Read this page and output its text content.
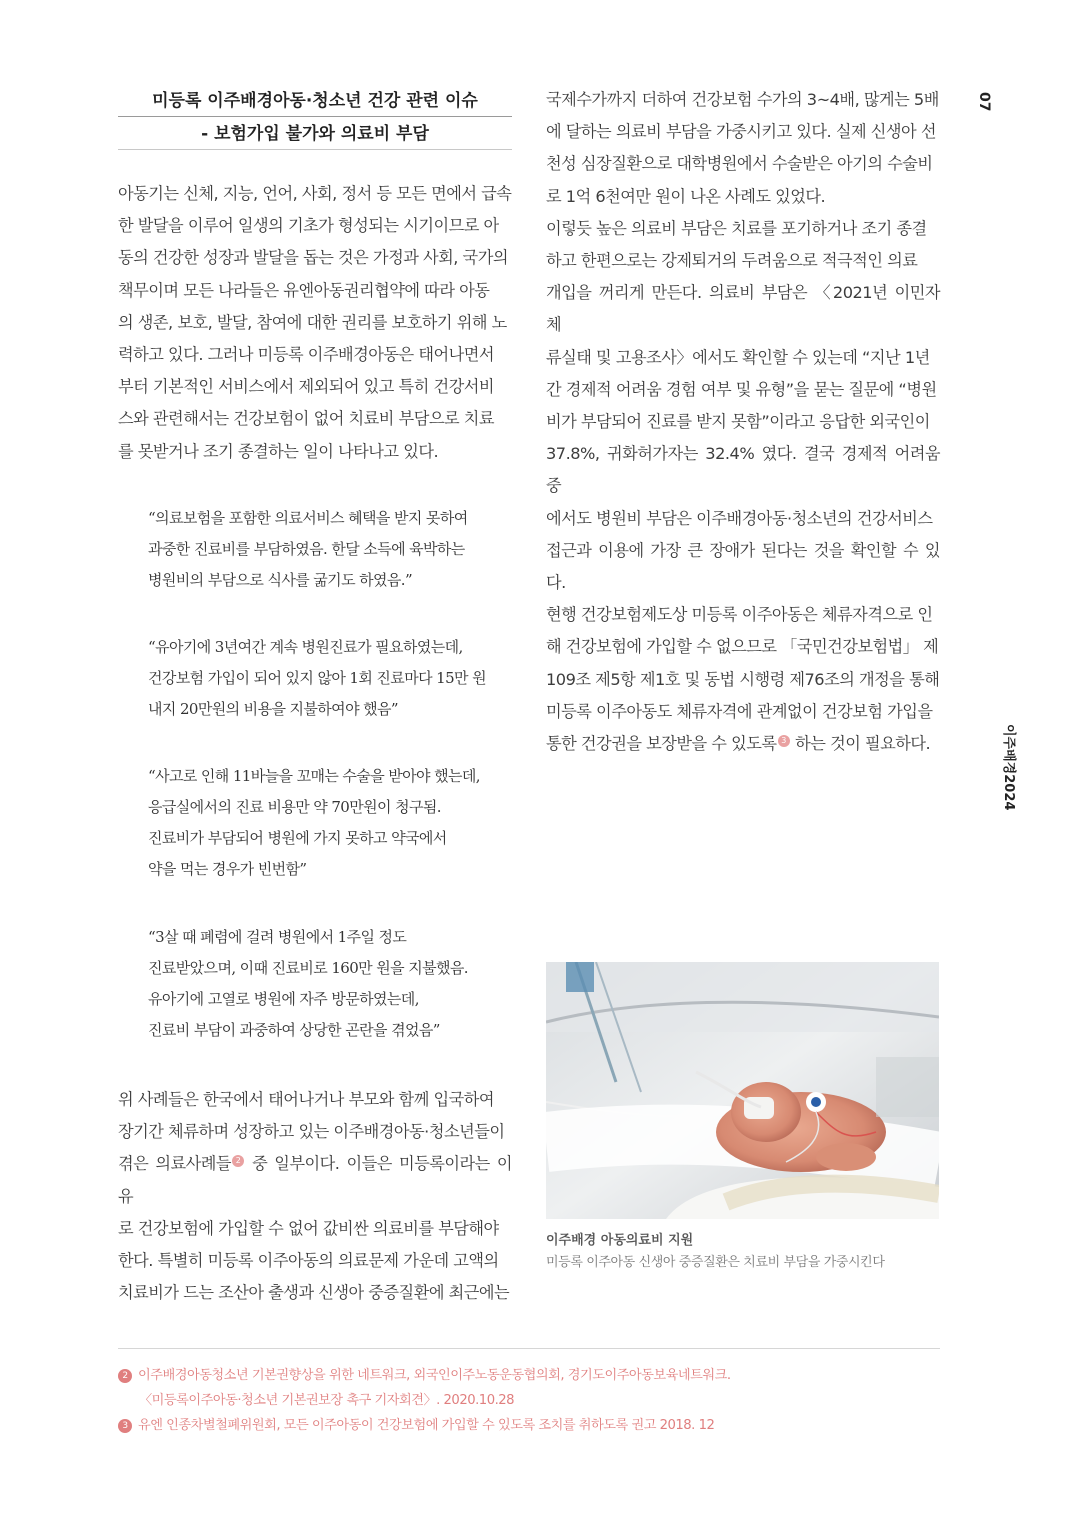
07
이주배경2024
미등록 이주배경아동·청소년 건강 관련 이슈
- 보험가입 불가와 의료비 부담

아동기는 신체, 지능, 언어, 사회, 정서 등 모든 면에서 급속

한 발달을 이루어 일생의 기초가 형성되는 시기이므로 아

동의 건강한 성장과 발달을 돕는 것은 가정과 사회, 국가의

책무이며 모든 나라들은 유엔아동권리협약에 따라 아동

의 생존, 보호, 발달, 참여에 대한 권리를 보호하기 위해 노

력하고 있다. 그러나 미등록 이주배경아동은 태어나면서

부터 기본적인 서비스에서 제외되어 있고 특히 건강서비

스와 관련해서는 건강보험이 없어 치료비 부담으로 치료

를 못받거나 조기 종결하는 일이 나타나고 있다.

“의료보험을 포함한 의료서비스 혜택을 받지 못하여
과중한 진료비를 부담하였음. 한달 소득에 육박하는
병원비의 부담으로 식사를 굶기도 하였음.”
“유아기에 3년여간 계속 병원진료가 필요하였는데,
건강보험 가입이 되어 있지 않아 1회 진료마다 15만 원
내지 20만원의 비용을 지불하여야 했음”
“사고로 인해 11바늘을 꼬매는 수술을 받아야 했는데,
응급실에서의 진료 비용만 약 70만원이 청구됨.
진료비가 부담되어 병원에 가지 못하고 약국에서
약을 먹는 경우가 빈번함”
“3살 때 폐렴에 걸려 병원에서 1주일 정도
진료받았으며, 이때 진료비로 160만 원을 지불했음.
유아기에 고열로 병원에 자주 방문하였는데,
진료비 부담이 과중하여 상당한 곤란을 겪었음”

위 사례들은 한국에서 태어나거나 부모와 함께 입국하여

장기간 체류하며 성장하고 있는 이주배경아동·청소년들이

겪은 의료사례들 2 중 일부이다. 이들은 미등록이라는 이유

로 건강보험에 가입할 수 없어 값비싼 의료비를 부담해야

한다. 특별히 미등록 이주아동의 의료문제 가운데 고액의

치료비가 드는 조산아 출생과 신생아 중증질환에 최근에는

국제수가까지 더하여 건강보험 수가의 3~4배, 많게는 5배

에 달하는 의료비 부담을 가중시키고 있다. 실제 신생아 선

천성 심장질환으로 대학병원에서 수술받은 아기의 수술비

로 1억 6천여만 원이 나온 사례도 있었다.

이렇듯 높은 의료비 부담은 치료를 포기하거나 조기 종결

하고 한편으로는 강제퇴거의 두려움으로 적극적인 의료

개입을 꺼리게 만든다. 의료비 부담은 〈2021년 이민자 체

류실태 및 고용조사〉에서도 확인할 수 있는데 “지난 1년

간 경제적 어려움 경험 여부 및 유형”을 묻는 질문에 “병원

비가 부담되어 진료를 받지 못함”이라고 응답한 외국인이

37.8%, 귀화허가자는 32.4% 였다. 결국 경제적 어려움 중

에서도 병원비 부담은 이주배경아동·청소년의 건강서비스

접근과 이용에 가장 큰 장애가 된다는 것을 확인할 수 있다.

현행 건강보험제도상 미등록 이주아동은 체류자격으로 인

해 건강보험에 가입할 수 없으므로 「국민건강보험법」 제

109조 제5항 제1호 및 동법 시행령 제76조의 개정을 통해

미등록 이주아동도 체류자격에 관계없이 건강보험 가입을

통한 건강권을 보장받을 수 있도록 3 하는 것이 필요하다.

이주배경 아동의료비 지원
미등록 이주아동 신생아 중증질환은 치료비 부담을 가중시킨다
2 이주배경아동청소년 기본권향상을 위한 네트워크, 외국인이주노동운동협의회, 경기도이주아동보육네트워크.
〈미등록이주아동·청소년 기본권보장 촉구 기자회견〉. 2020.10.28
3 유엔 인종차별철폐위원회, 모든 이주아동이 건강보험에 가입할 수 있도록 조치를 취하도록 권고 2018. 12
